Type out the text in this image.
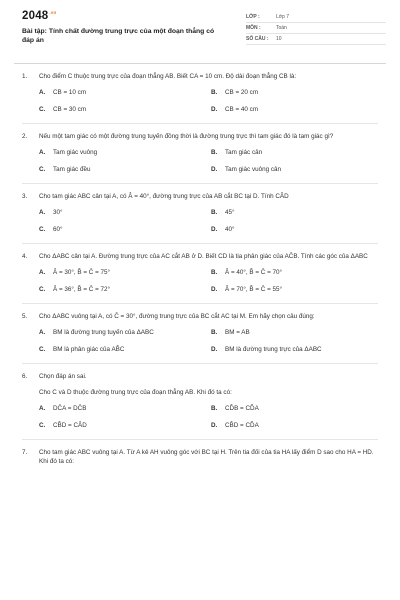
$2048^{.vn}$
Bài tập: Tính chất đường trung trực của một đoạn thẳng có đáp án
LỚP :	Lớp 7
MÔN :	Toán
SỐ CÂU :	10
1.	Cho điểm C thuộc trung trực của đoạn thẳng AB. Biết CA = 10 cm. Độ dài đoạn thẳng CB là:
A.	CB = 10 cm	B.	CB = 20 cm
C.	CB = 30 cm	D.	CB = 40 cm
2.	Nếu một tam giác có một đường trung tuyến đồng thời là đường trung trực thì tam giác đó là tam giác gì?
A.	Tam giác vuông	B.	Tam giác cân
C.	Tam giác đều	D.	Tam giác vuông cân
3.	Cho tam giác ABC cân tại A, có Â = 40°, đường trung trực của AB cắt BC tại D. Tính CÂD
A.	30°	B.	45°
C.	60°	D.	40°
4.	Cho ΔABC cân tại A. Đường trung trực của AC cắt AB ở D. Biết CD là tia phân giác của AĈB. Tính các góc của ΔABC
A.	Â = 30°, B̂ = Ĉ = 75°	B.	Â = 40°, B̂ = Ĉ = 70°
C.	Â = 36°, B̂ = Ĉ = 72°	D.	Â = 70°, B̂ = Ĉ = 55°
5.	Cho ΔABC vuông tại A, có Ĉ = 30°, đường trung trực của BC cắt AC tại M. Em hãy chọn câu đúng:
A.	BM là đường trung tuyến của ΔABC	B.	BM = AB
C.	BM là phân giác của AB̂C	D.	BM là đường trung trực của ΔABC
6.	Chọn đáp án sai.
Cho C và D thuộc đường trung trực của đoạn thẳng AB. Khi đó ta có:
A.	DĈA = DĈB	B.	CD̂B = CD̂A
C.	CB̂D = CÂD	D.	CB̂D = CD̂A
7.	Cho tam giác ABC vuông tại A. Từ A kẻ AH vuông góc với BC tại H. Trên tia đối của tia HA lấy điểm D sao cho HA = HD. Khi đó ta có:
